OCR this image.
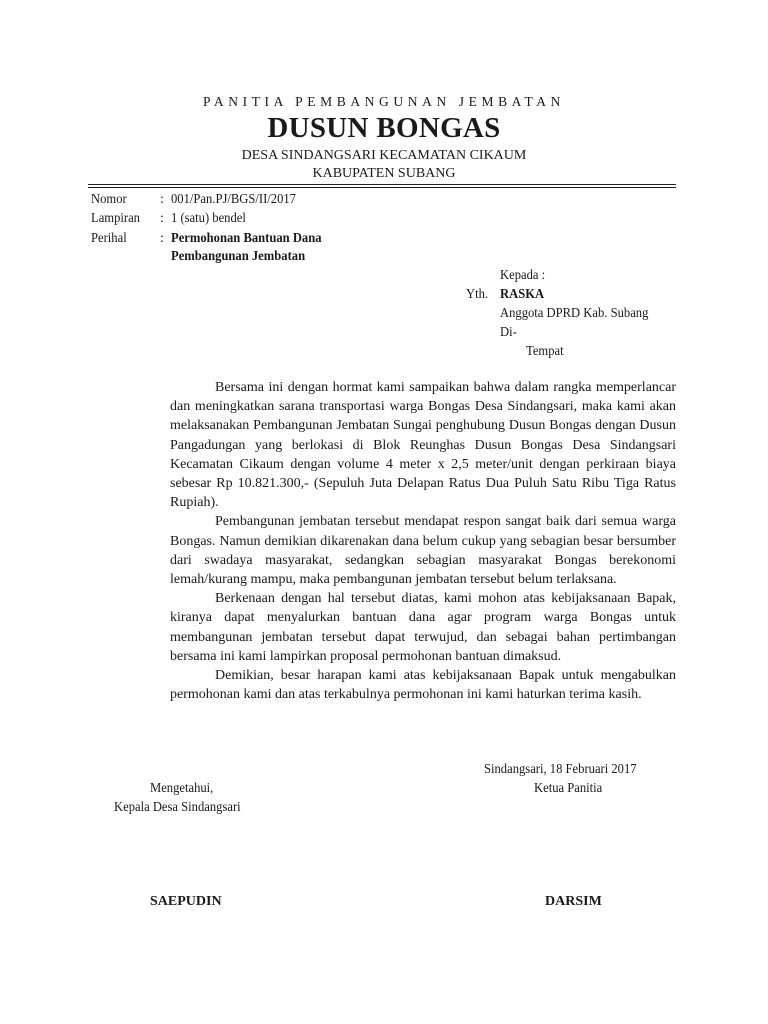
PANITIA PEMBANGUNAN JEMBATAN
DUSUN BONGAS
DESA SINDANGSARI KECAMATAN CIKAUM
KABUPATEN SUBANG
Nomor : 001/Pan.PJ/BGS/II/2017
Lampiran : 1 (satu) bendel
Perihal : Permohonan Bantuan Dana
Pembangunan Jembatan
Kepada :
Yth. RASKA
Anggota DPRD Kab. Subang
Di-
Tempat

Bersama ini dengan hormat kami sampaikan bahwa dalam rangka memperlancar dan meningkatkan sarana transportasi warga Bongas Desa Sindangsari, maka kami akan melaksanakan Pembangunan Jembatan Sungai penghubung Dusun Bongas dengan Dusun Pangadungan yang berlokasi di Blok Reunghas Dusun Bongas Desa Sindangsari Kecamatan Cikaum dengan volume 4 meter x 2,5 meter/unit dengan perkiraan biaya sebesar Rp 10.821.300,- (Sepuluh Juta Delapan Ratus Dua Puluh Satu Ribu Tiga Ratus Rupiah).

Pembangunan jembatan tersebut mendapat respon sangat baik dari semua warga Bongas. Namun demikian dikarenakan dana belum cukup yang sebagian besar bersumber dari swadaya masyarakat, sedangkan sebagian masyarakat Bongas berekonomi lemah/kurang mampu, maka pembangunan jembatan tersebut belum terlaksana.

Berkenaan dengan hal tersebut diatas, kami mohon atas kebijaksanaan Bapak, kiranya dapat menyalurkan bantuan dana agar program warga Bongas untuk membangunan jembatan tersebut dapat terwujud, dan sebagai bahan pertimbangan bersama ini kami lampirkan proposal permohonan bantuan dimaksud.

Demikian, besar harapan kami atas kebijaksanaan Bapak untuk mengabulkan permohonan kami dan atas terkabulnya permohonan ini kami haturkan terima kasih.

Sindangsari, 18 Februari 2017
Ketua Panitia
Mengetahui,
Kepala Desa Sindangsari
SAEPUDIN	DARSIM
